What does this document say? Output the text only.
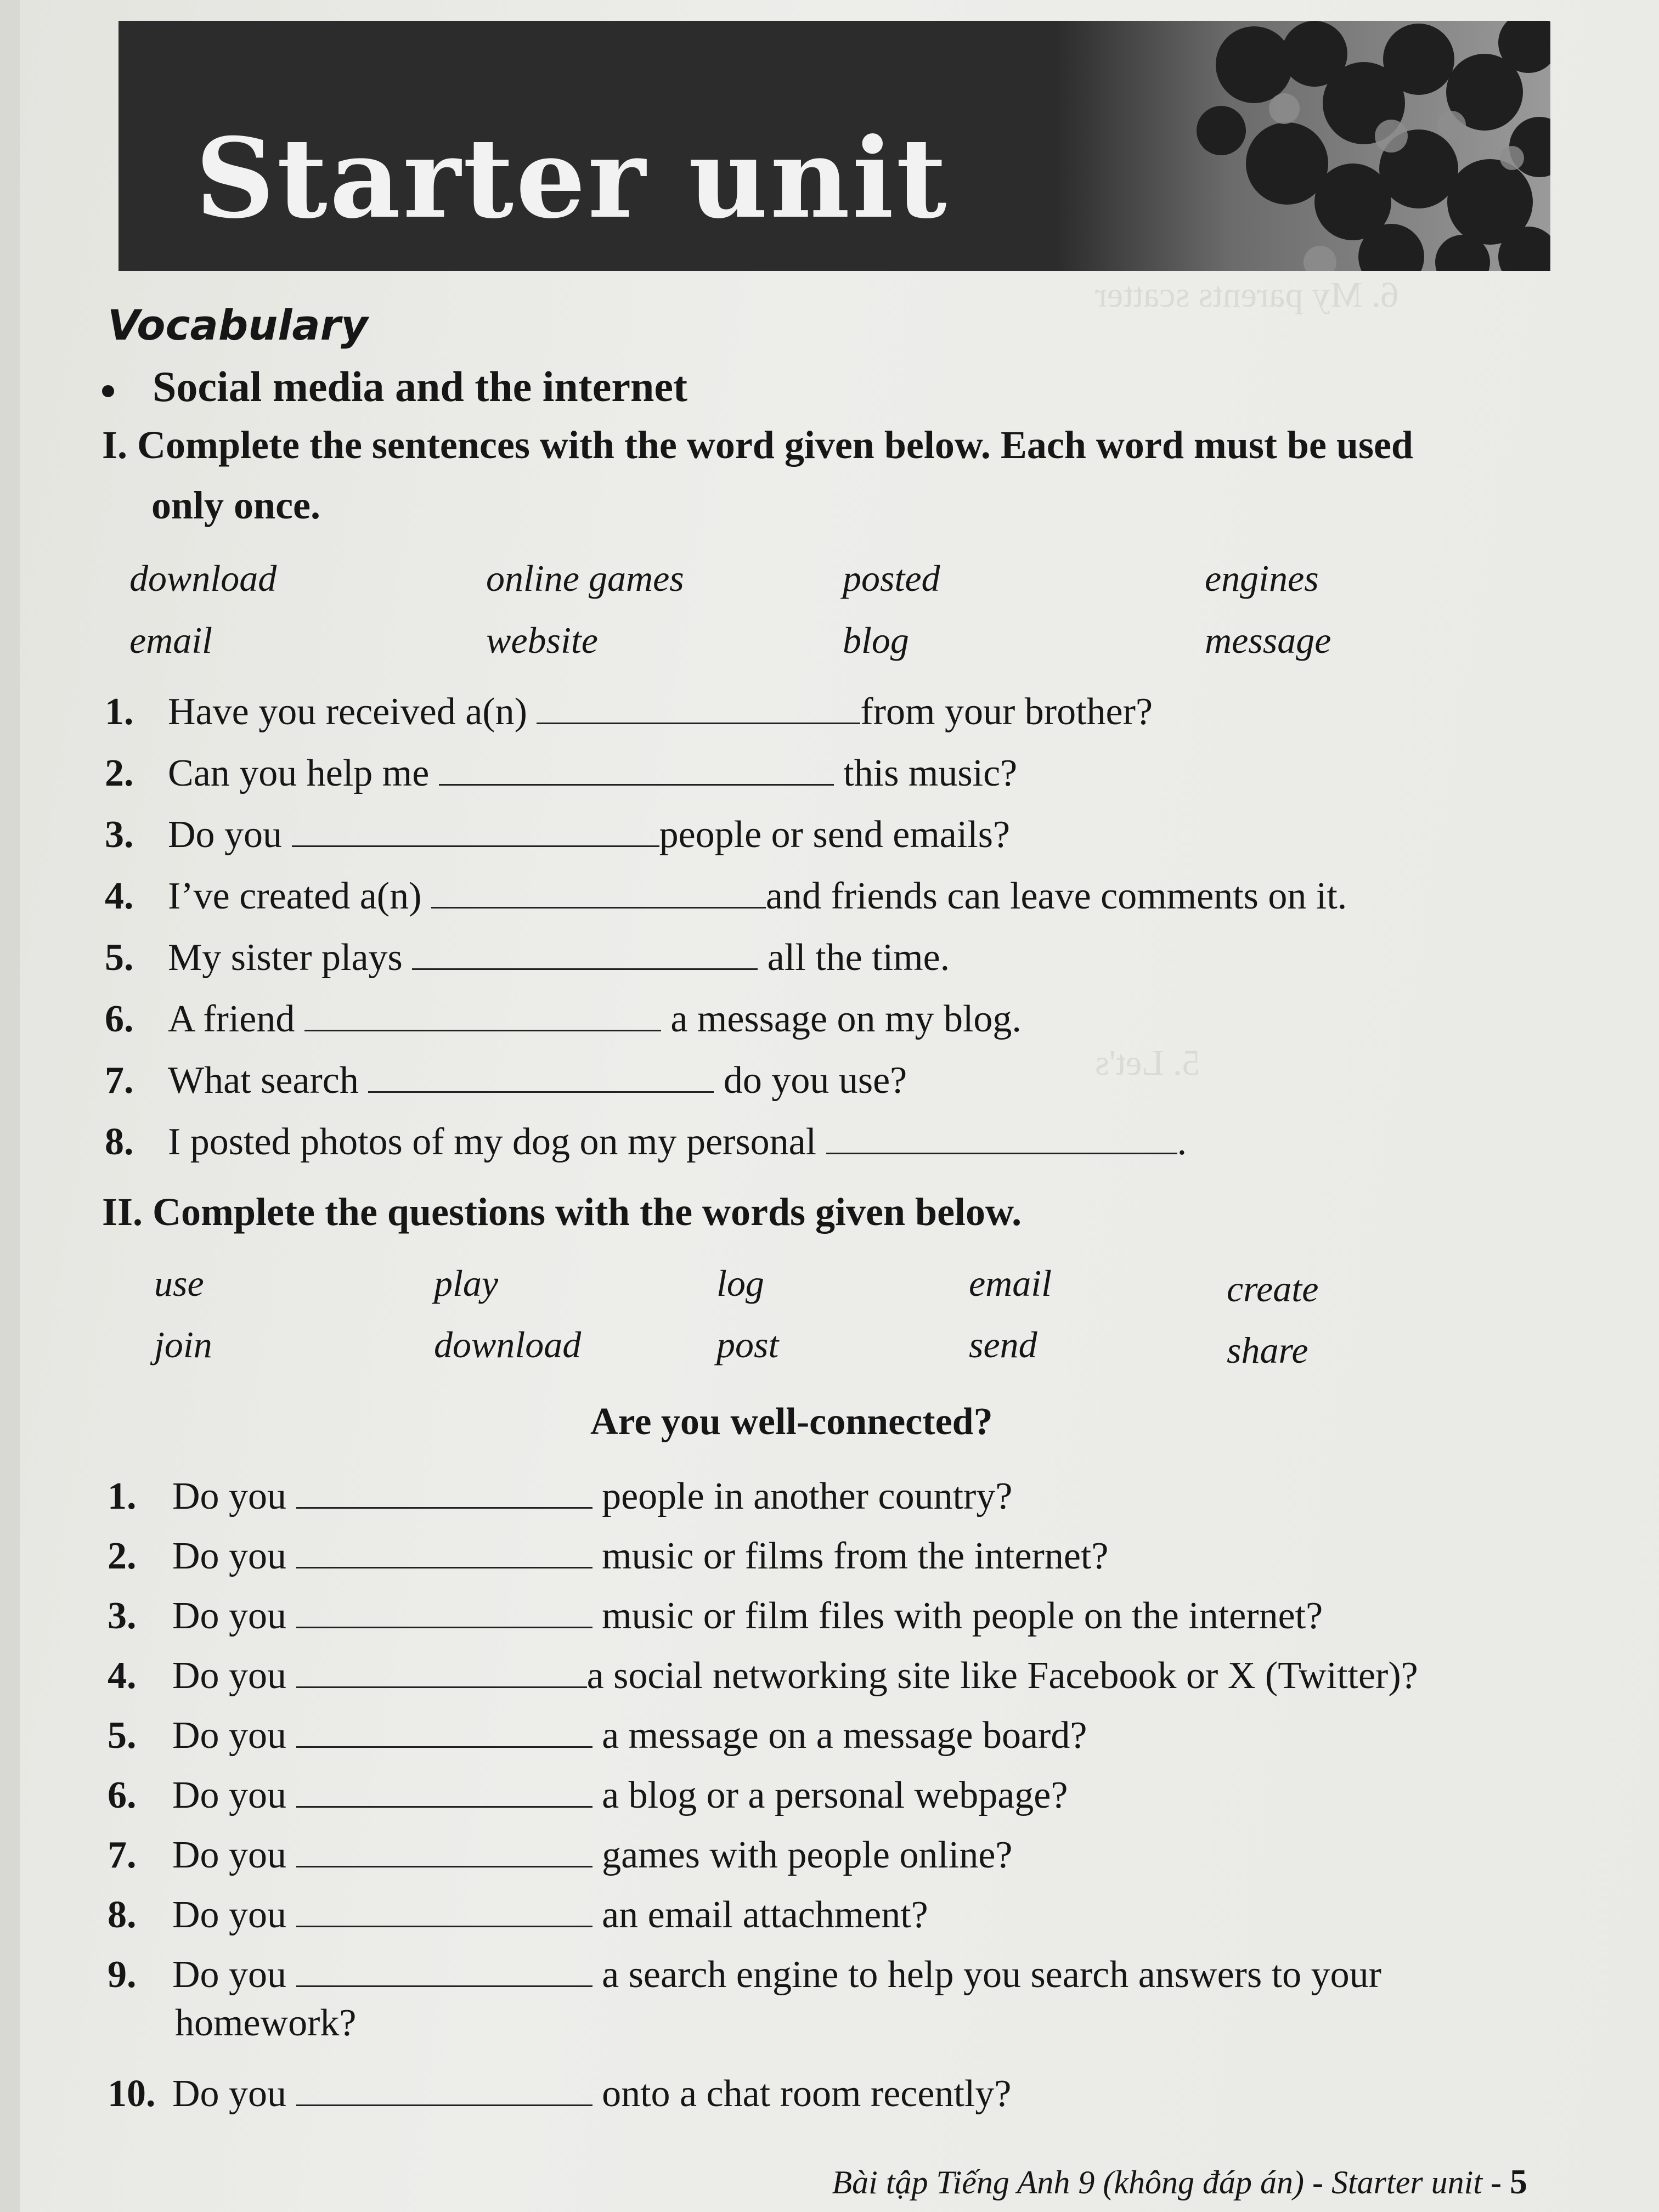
Starter unit
6. My parents scatter
5. Let's
Vocabulary
Social media and the internet
I. Complete the sentences with the word given below. Each word must be used
only once.
download	online games	posted	engines
email	website	blog	message
1. Have you received a(n)	from your brother?
2. Can you help me	this music?
3. Do you	people or send emails?
4. I’ve created a(n)	and friends can leave comments on it.
5. My sister plays	all the time.
6. A friend	a message on my blog.
7. What search	do you use?
8. I posted photos of my dog on my personal	.
II. Complete the questions with the words given below.
use	play	log	email	create
join	download	post	send	share
Are you well-connected?
1. Do you	people in another country?
2. Do you	music or films from the internet?
3. Do you	music or film files with people on the internet?
4. Do you	a social networking site like Facebook or X (Twitter)?
5. Do you	a message on a message board?
6. Do you	a blog or a personal webpage?
7. Do you	games with people online?
8. Do you	an email attachment?
9. Do you	a search engine to help you search answers to your
homework?
10. Do you	onto a chat room recently?
Bài tập Tiếng Anh 9 (không đáp án) - Starter unit - 5
